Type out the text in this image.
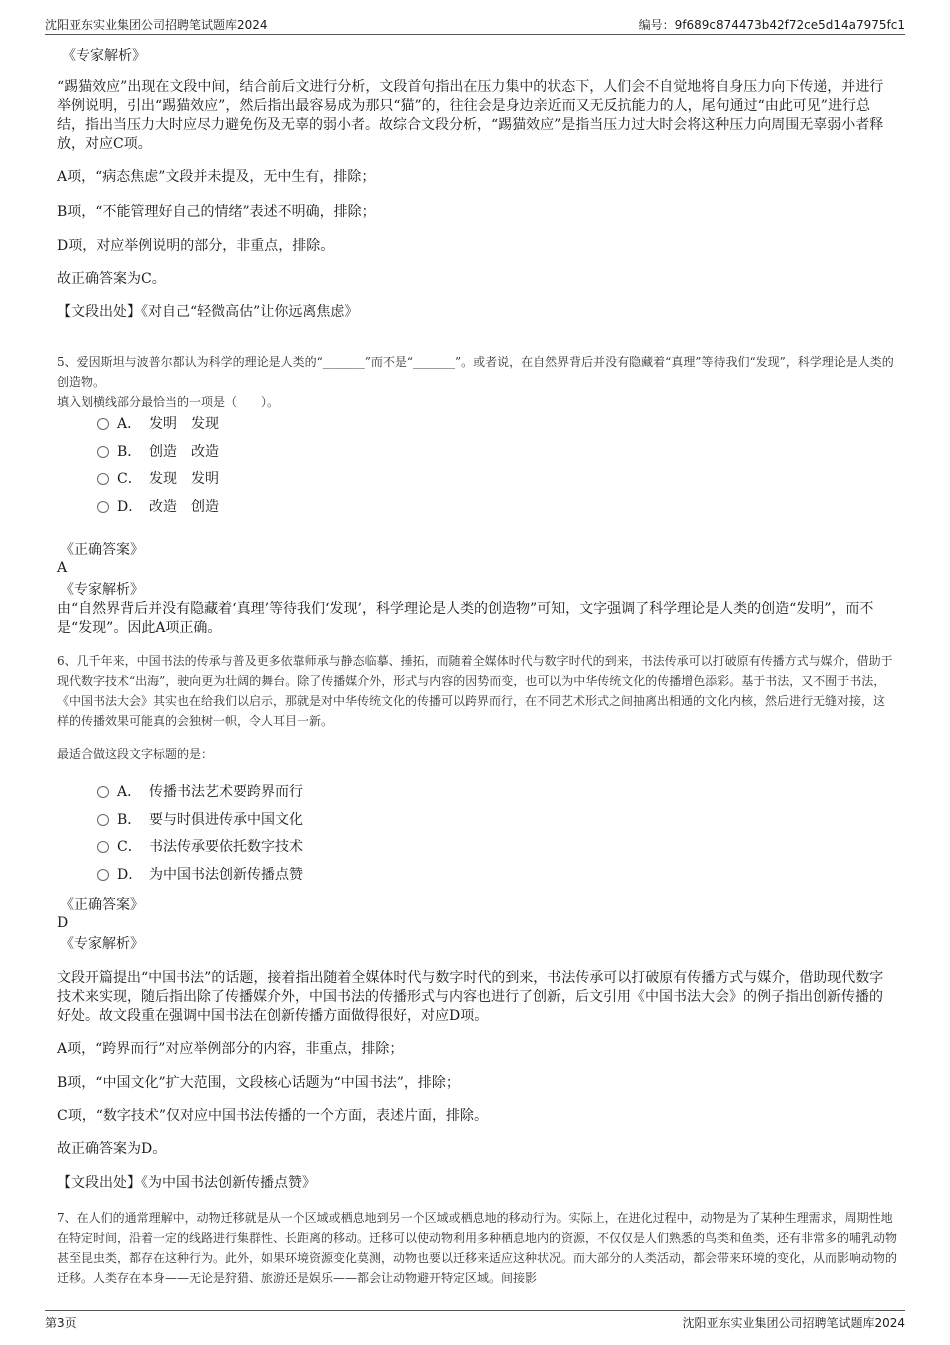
沈阳亚东实业集团公司招聘笔试题库2024	编号：9f689c874473b42f72ce5d14a7975fc1

《专家解析》

“踢猫效应”出现在文段中间，结合前后文进行分析，文段首句指出在压力集中的状态下，人们会不自觉地将自身压力向下传递，并进行举例说明，引出“踢猫效应”，然后指出最容易成为那只“猫”的，往往会是身边亲近而又无反抗能力的人，尾句通过“由此可见”进行总结，指出当压力大时应尽力避免伤及无辜的弱小者。故综合文段分析，“踢猫效应”是指当压力过大时会将这种压力向周围无辜弱小者释放，对应C项。

A项，“病态焦虑”文段并未提及，无中生有，排除；

B项，“不能管理好自己的情绪”表述不明确，排除；

D项，对应举例说明的部分，非重点，排除。

故正确答案为C。

【文段出处】《对自己“轻微高估”让你远离焦虑》

5、爱因斯坦与波普尔都认为科学的理论是人类的“_______”而不是“_______”。或者说，在自然界背后并没有隐藏着“真理”等待我们“发现”，科学理论是人类的创造物。

填入划横线部分最恰当的一项是（　　）。

A． 发明　发现
B． 创造　改造
C． 发现　发明
D． 改造　创造

《正确答案》

A

《专家解析》

由“自然界背后并没有隐藏着‘真理’等待我们‘发现’，科学理论是人类的创造物”可知，文字强调了科学理论是人类的创造“发明”，而不是“发现”。因此A项正确。

6、几千年来，中国书法的传承与普及更多依靠师承与静态临摹、捶拓，而随着全媒体时代与数字时代的到来，书法传承可以打破原有传播方式与媒介，借助于现代数字技术“出海”，驶向更为壮阔的舞台。除了传播媒介外，形式与内容的因势而变，也可以为中华传统文化的传播增色添彩。基于书法，又不囿于书法，《中国书法大会》其实也在给我们以启示，那就是对中华传统文化的传播可以跨界而行，在不同艺术形式之间抽离出相通的文化内核，然后进行无缝对接，这样的传播效果可能真的会独树一帜，令人耳目一新。

最适合做这段文字标题的是：

A． 传播书法艺术要跨界而行
B． 要与时俱进传承中国文化
C． 书法传承要依托数字技术
D． 为中国书法创新传播点赞

《正确答案》

D

《专家解析》

文段开篇提出“中国书法”的话题，接着指出随着全媒体时代与数字时代的到来，书法传承可以打破原有传播方式与媒介，借助现代数字技术来实现，随后指出除了传播媒介外，中国书法的传播形式与内容也进行了创新，后文引用《中国书法大会》的例子指出创新传播的好处。故文段重在强调中国书法在创新传播方面做得很好，对应D项。

A项，“跨界而行”对应举例部分的内容，非重点，排除；

B项，“中国文化”扩大范围，文段核心话题为“中国书法”，排除；

C项，“数字技术”仅对应中国书法传播的一个方面，表述片面，排除。

故正确答案为D。

【文段出处】《为中国书法创新传播点赞》

7、在人们的通常理解中，动物迁移就是从一个区域或栖息地到另一个区域或栖息地的移动行为。实际上，在进化过程中，动物是为了某种生理需求，周期性地在特定时间，沿着一定的线路进行集群性、长距离的移动。迁移可以使动物利用多种栖息地内的资源，不仅仅是人们熟悉的鸟类和鱼类，还有非常多的哺乳动物甚至昆虫类，都存在这种行为。此外，如果环境资源变化莫测，动物也要以迁移来适应这种状况。而大部分的人类活动，都会带来环境的变化，从而影响动物的迁移。人类存在本身——无论是狩猎、旅游还是娱乐——都会让动物避开特定区域。间接影

第3页	沈阳亚东实业集团公司招聘笔试题库2024
